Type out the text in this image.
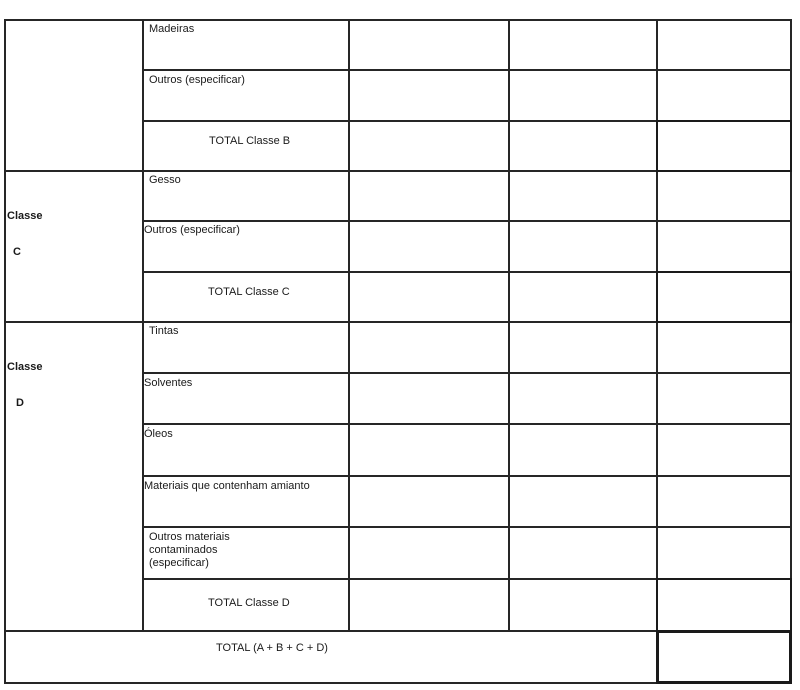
Madeiras
Outros (especificar)
TOTAL Classe B
Classe
C
Gesso
Outros (especificar)
TOTAL Classe C
Classe
D
Tintas
Solventes
Óleos
Materiais que contenham amianto
Outros materiais contaminados (especificar)
TOTAL Classe D
TOTAL (A + B + C + D)
